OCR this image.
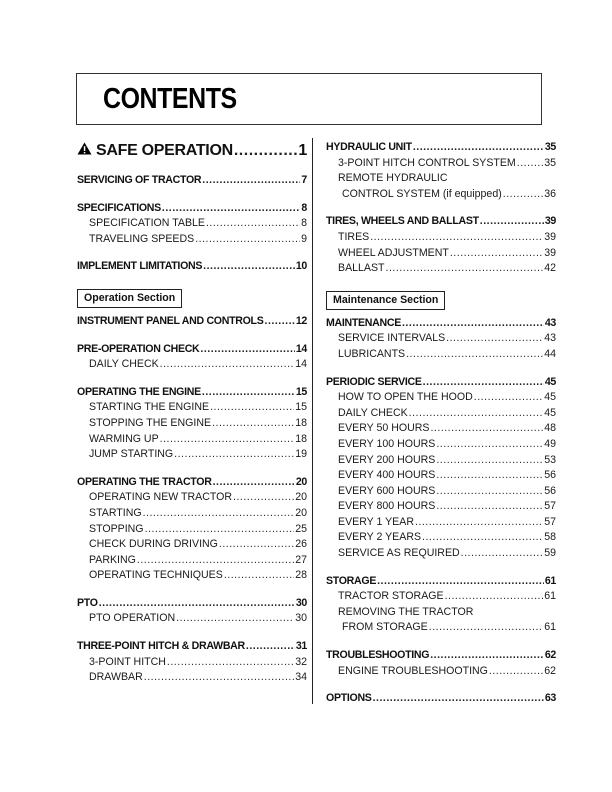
CONTENTS
SAFE OPERATION .....	1
SERVICING OF TRACTOR .....	7
SPECIFICATIONS .....	8
SPECIFICATION TABLE .....	8
TRAVELING SPEEDS .....	9
IMPLEMENT LIMITATIONS .....	10
Operation Section
INSTRUMENT PANEL AND CONTROLS .....	12
PRE-OPERATION CHECK .....	14
DAILY CHECK .....	14
OPERATING THE ENGINE .....	15
STARTING THE ENGINE .....	15
STOPPING THE ENGINE .....	18
WARMING UP .....	18
JUMP STARTING .....	19
OPERATING THE TRACTOR .....	20
OPERATING NEW TRACTOR .....	20
STARTING .....	20
STOPPING .....	25
CHECK DURING DRIVING .....	26
PARKING .....	27
OPERATING TECHNIQUES .....	28
PTO .....	30
PTO OPERATION .....	30
THREE-POINT HITCH & DRAWBAR .....	31
3-POINT HITCH .....	32
DRAWBAR .....	34
HYDRAULIC UNIT .....	35
3-POINT HITCH CONTROL SYSTEM .....	35
REMOTE HYDRAULIC
CONTROL SYSTEM (if equipped) .....	36
TIRES, WHEELS AND BALLAST .....	39
TIRES .....	39
WHEEL ADJUSTMENT .....	39
BALLAST .....	42
Maintenance Section
MAINTENANCE .....	43
SERVICE INTERVALS .....	43
LUBRICANTS .....	44
PERIODIC SERVICE .....	45
HOW TO OPEN THE HOOD .....	45
DAILY CHECK .....	45
EVERY 50 HOURS .....	48
EVERY 100 HOURS .....	49
EVERY 200 HOURS .....	53
EVERY 400 HOURS .....	56
EVERY 600 HOURS .....	56
EVERY 800 HOURS .....	57
EVERY 1 YEAR .....	57
EVERY 2 YEARS .....	58
SERVICE AS REQUIRED .....	59
STORAGE .....	61
TRACTOR STORAGE .....	61
REMOVING THE TRACTOR
FROM STORAGE .....	61
TROUBLESHOOTING .....	62
ENGINE TROUBLESHOOTING .....	62
OPTIONS .....	63
